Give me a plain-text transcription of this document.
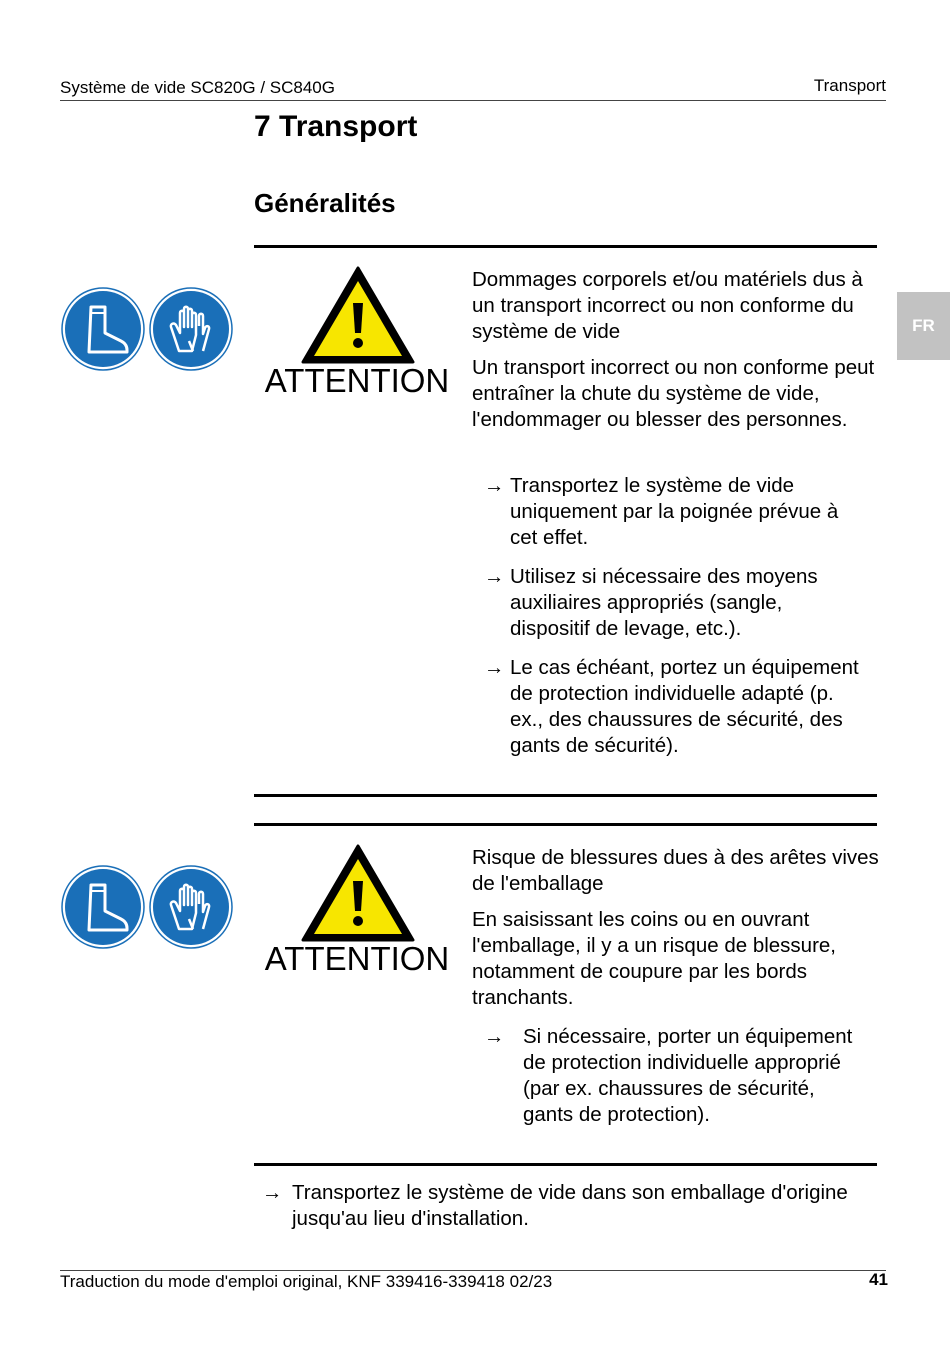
Système de vide SC820G / SC840G	Transport
FR
7 Transport
Généralités
ATTENTION

Dommages corporels et/ou matériels dus à un transport incorrect ou non conforme du système de vide

Un transport incorrect ou non conforme peut entraîner la chute du système de vide, l'endommager ou blesser des personnes.

→ Transportez le système de vide uniquement par la poignée prévue à cet effet.
→ Utilisez si nécessaire des moyens auxiliaires appropriés (sangle, dispositif de levage, etc.).
→ Le cas échéant, portez un équipement de protection individuelle adapté (p. ex., des chaussures de sécurité, des gants de sécurité).
ATTENTION

Risque de blessures dues à des arêtes vives de l'emballage

En saisissant les coins ou en ouvrant l'emballage, il y a un risque de blessure, notamment de coupure par les bords tranchants.

→ Si nécessaire, porter un équipement de protection individuelle approprié (par ex. chaussures de sécurité, gants de protection).
→ Transportez le système de vide dans son emballage d'origine jusqu'au lieu d'installation.
Traduction du mode d'emploi original, KNF 339416-339418 02/23	41
